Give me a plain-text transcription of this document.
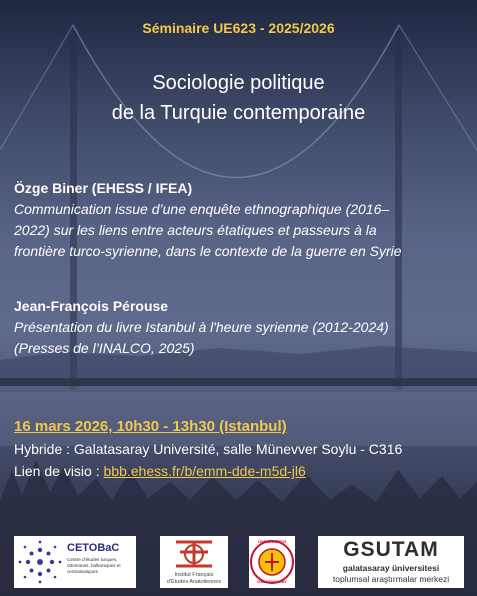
Séminaire UE623 - 2025/2026
Sociologie politique
de la Turquie contemporaine
Özge Biner (EHESS / IFEA)
Communication issue d’une enquête ethnographique (2016–
2022) sur les liens entre acteurs étatiques et passeurs à la
frontière turco-syrienne, dans le contexte de la guerre en Syrie
Jean-François Pérouse
Présentation du livre Istanbul à l'heure syrienne (2012-2024)
(Presses de l’INALCO, 2025)
16 mars 2026, 10h30 - 13h30 (Istanbul)
Hybride : Galatasaray Université, salle Münevver Soylu - C316
Lien de visio : bbb.ehess.fr/b/emm-dde-m5d-jl6
CETOBaC
Centre d’études turques,
ottomanes, balkaniques et
centrasiatiques
Institut Français
d'Études Anatoliennes
ÜNİVERSİTESİ
GALATASARAY
GSUTAM
galatasaray üniversitesi
toplumsal araştırmalar merkezi
